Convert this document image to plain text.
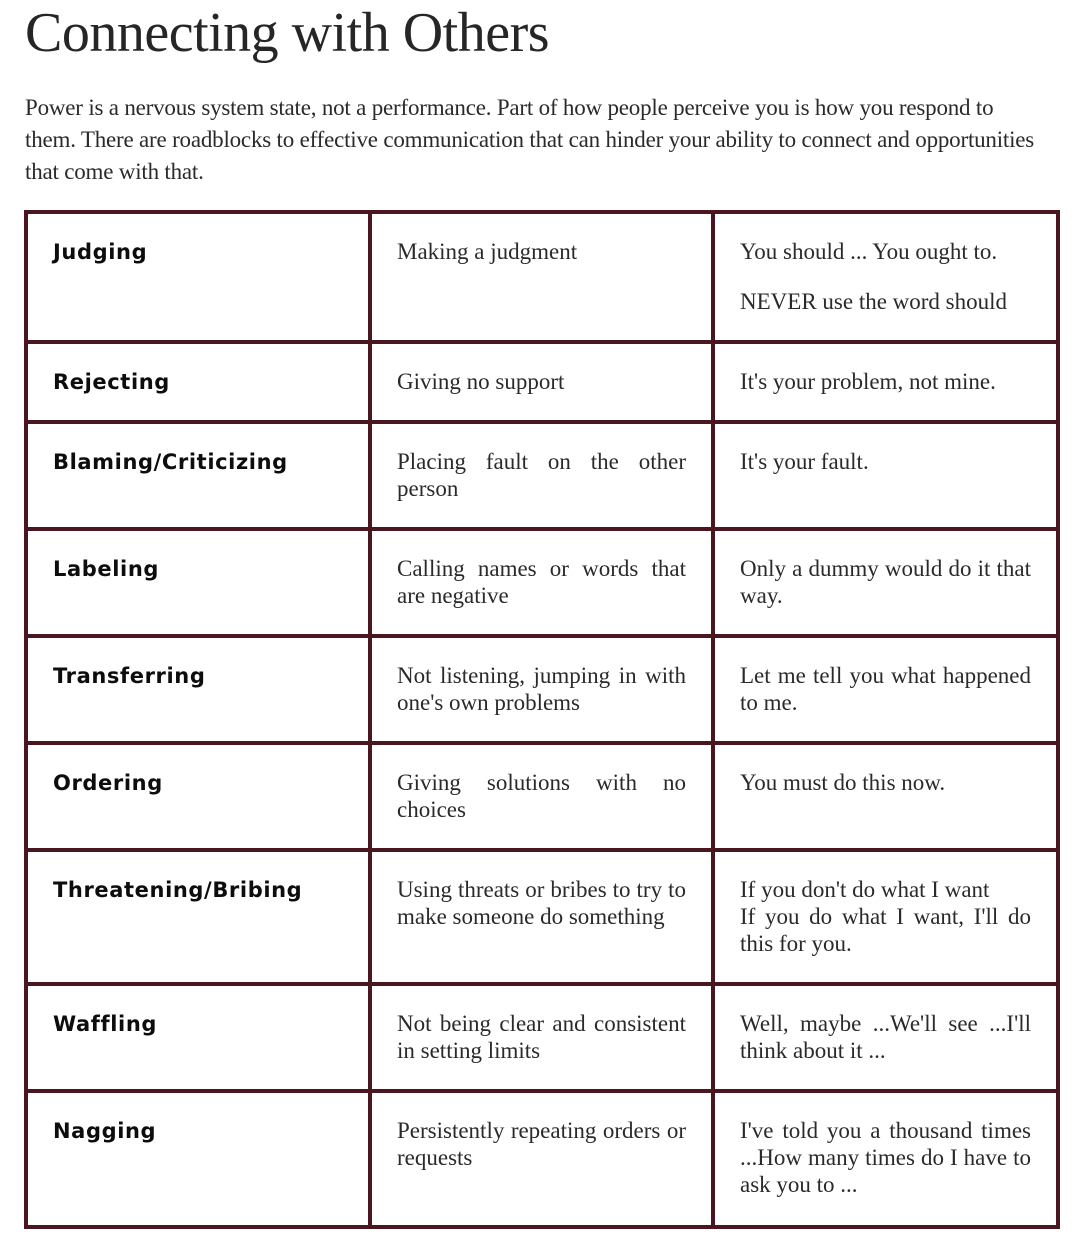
Connecting with Others

Power is a nervous system state, not a performance. Part of how people perceive you is how you respond to them. There are roadblocks to effective communication that can hinder your ability to connect and opportunities that come with that.

Judging	Making a judgment	You should ... You ought to.
NEVER use the word should

Rejecting	Giving no support	It's your problem, not mine.

Blaming/Criticizing	Placing fault on the other person	It's your fault.

Labeling	Calling names or words that are negative	Only a dummy would do it that way.

Transferring	Not listening, jumping in with one's own problems	Let me tell you what happened to me.

Ordering	Giving solutions with no choices	You must do this now.

Threatening/Bribing	Using threats or bribes to try to make someone do something	If you don't do what I want
If you do what I want, I'll do this for you.

Waffling	Not being clear and consistent in setting limits	Well, maybe ...We'll see ...I'll think about it ...

Nagging	Persistently repeating orders or requests	I've told you a thousand times ...How many times do I have to ask you to ...
